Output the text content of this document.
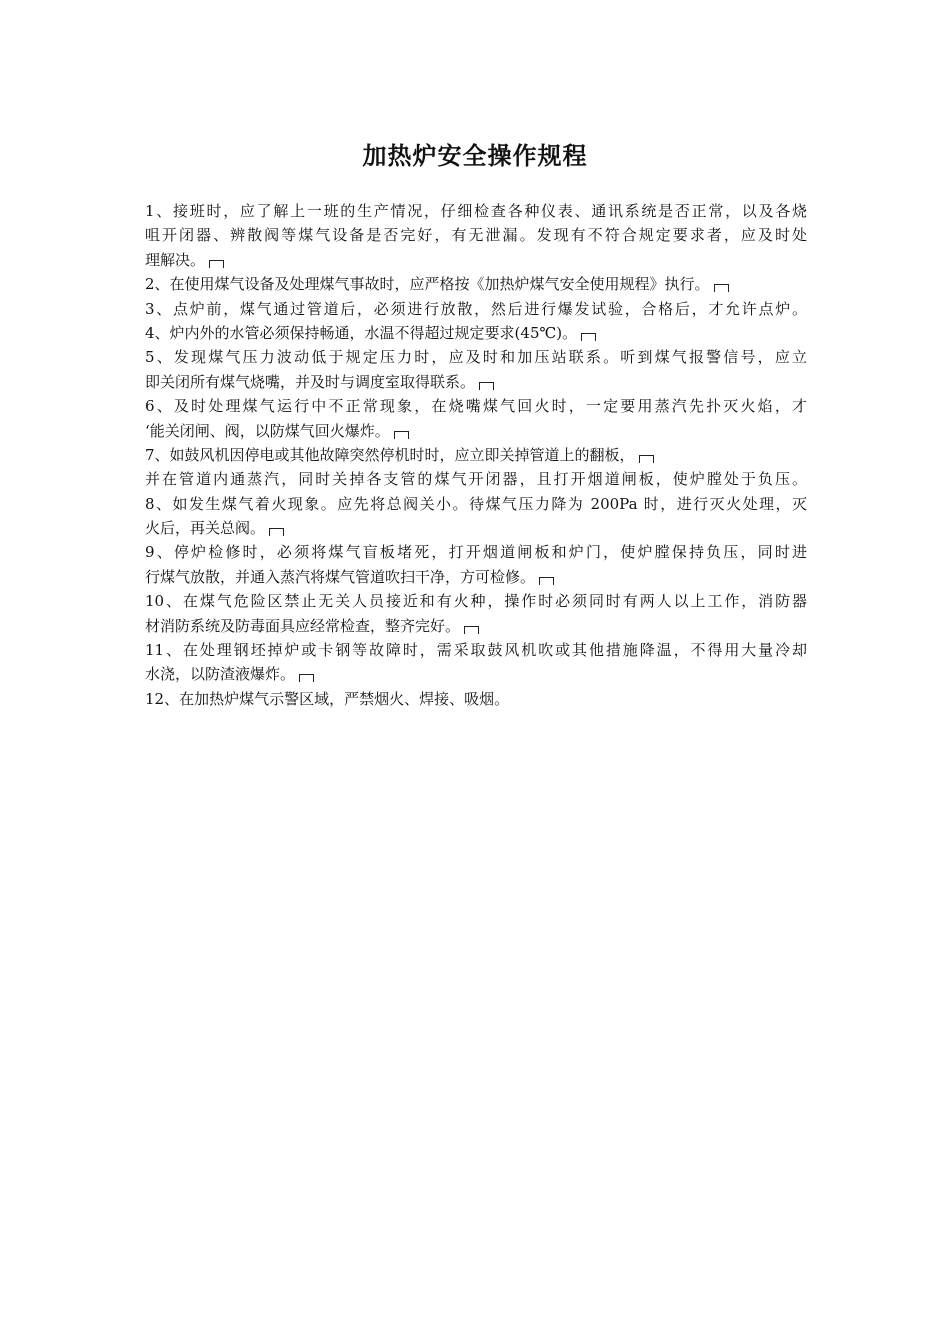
加热炉安全操作规程
1、接班时，应了解上一班的生产情况，仔细检查各种仪表、通讯系统是否正常，以及各烧
咀开闭器、辨散阀等煤气设备是否完好，有无泄漏。发现有不符合规定要求者，应及时处
理解决。
2、在使用煤气设备及处理煤气事故时，应严格按《加热炉煤气安全使用规程》执行。
3、点炉前，煤气通过管道后，必须进行放散，然后进行爆发试验，合格后，才允许点炉。
4、炉内外的水管必须保持畅通，水温不得超过规定要求(45℃)。
5、发现煤气压力波动低于规定压力时，应及时和加压站联系。听到煤气报警信号，应立
即关闭所有煤气烧嘴，并及时与调度室取得联系。
6、及时处理煤气运行中不正常现象，在烧嘴煤气回火时，一定要用蒸汽先扑灭火焰，才
‘能关闭闸、阀，以防煤气回火爆炸。
7、如鼓风机因停电或其他故障突然停机时时，应立即关掉管道上的翻板，
并在管道内通蒸汽，同时关掉各支管的煤气开闭器，且打开烟道闸板，使炉膛处于负压。
8、如发生煤气着火现象。应先将总阀关小。待煤气压力降为 200Pa 时，进行灭火处理，灭
火后，再关总阀。
9、停炉检修时，必须将煤气盲板堵死，打开烟道闸板和炉门，使炉膛保持负压，同时进
行煤气放散，并通入蒸汽将煤气管道吹扫干净，方可检修。
10、在煤气危险区禁止无关人员接近和有火种，操作时必须同时有两人以上工作，消防器
材消防系统及防毒面具应经常检查，整齐完好。
11、在处理钢坯掉炉或卡钢等故障时，需采取鼓风机吹或其他措施降温，不得用大量冷却
水浇，以防渣液爆炸。
12、在加热炉煤气示警区域，严禁烟火、焊接、吸烟。
